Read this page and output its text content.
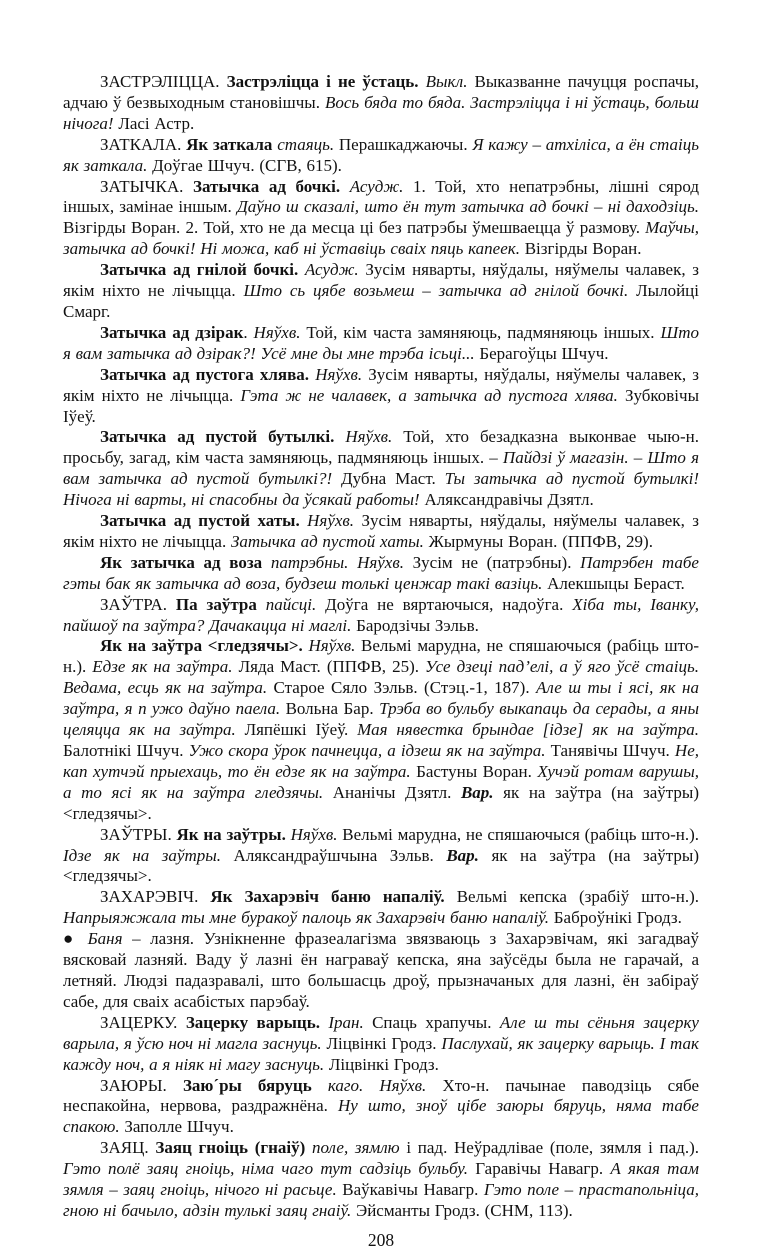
ЗАСТРЭЛІЦЦА. Застрэліцца і не ўстаць. Выкл. Выказванне пачуцця роспачы, адчаю ў безвыходным становішчы. Вось бяда то бяда. Застрэліцца і ні ўстаць, больш нічога! Ласі Астр.

ЗАТКАЛА. Як заткала стаяць. Перашкаджаючы. Я кажу – атхіліса, а ён стаіць як заткала. Доўгае Шчуч. (СГВ, 615).

ЗАТЫЧКА. Затычка ад бочкі. Асудж. 1. Той, хто непатрэбны, лішні сярод іншых, замінае іншым. Даўно ш сказалі, што ён тут затычка ад бочкі – ні даходзіць. Візгірды Воран. 2. Той, хто не да месца ці без патрэбы ўмешваецца ў размову. Маўчы, затычка ад бочкі! Ні можа, каб ні ўставіць сваіх пяць капеек. Візгірды Воран.

Затычка ад гнілой бочкі. Асудж. Зусім няварты, няўдалы, няўмелы чалавек, з якім ніхто не лічыцца. Што сь цябе возьмеш – затычка ад гнілой бочкі. Лылойці Смарг.

Затычка ад дзірак. Няўхв. Той, кім часта замяняюць, падмяняюць іншых. Што я вам затычка ад дзірак?! Усё мне ды мне трэба ісьці... Берагоўцы Шчуч.

Затычка ад пустога хлява. Няўхв. Зусім няварты, няўдалы, няўмелы чалавек, з якім ніхто не лічыцца. Гэта ж не чалавек, а затычка ад пустога хлява. Зубковічы Іўеў.

Затычка ад пустой бутылкі. Няўхв. Той, хто безадказна выконвае чыю-н. просьбу, загад, кім часта замяняюць, падмяняюць іншых. – Пайдзі ў магазін. – Што я вам затычка ад пустой бутылкі?! Дубна Маст. Ты затычка ад пустой бутылкі! Нічога ні варты, ні спасобны да ўсякай работы! Аляксандравічы Дзятл.

Затычка ад пустой хаты. Няўхв. Зусім няварты, няўдалы, няўмелы чалавек, з якім ніхто не лічыцца. Затычка ад пустой хаты. Жырмуны Воран. (ППФВ, 29).

Як затычка ад воза патрэбны. Няўхв. Зусім не (патрэбны). Патрэбен табе гэты бак як затычка ад воза, будзеш толькі ценжар такі вазіць. Алекшыцы Бераст.

ЗАЎТРА. Па заўтра пайсці. Доўга не вяртаючыся, надоўга. Хіба ты, Іванку, пайшоў па заўтра? Дачакацца ні маглі. Бародзічы Зэльв.

Як на заўтра <гледзячы>. Няўхв. Вельмі марудна, не спяшаючыся (рабіць што-н.). Едзе як на заўтра. Ляда Маст. (ППФВ, 25). Усе дзеці пад’елі, а ў яго ўсё стаіць. Ведама, есць як на заўтра. Старое Сяло Зэльв. (Стэц.-1, 187). Але ш ты і ясі, як на заўтра, я п ужо даўно паела. Вольна Бар. Трэба во бульбу выкапаць да серады, а яны целяцца як на заўтра. Ляпёшкі Іўеў. Мая нявестка брындае [ідзе] як на заўтра. Балотнікі Шчуч. Ужо скора ўрок пачнецца, а ідзеш як на заўтра. Танявічы Шчуч. Не, кап хутчэй прыехаць, то ён едзе як на заўтра. Бастуны Воран. Хучэй ротам варушы, а то ясі як на заўтра гледзячы. Ананічы Дзятл. Вар. як на заўтра (на заўтры) <гледзячы>.

ЗАЎТРЫ. Як на заўтры. Няўхв. Вельмі марудна, не спяшаючыся (рабіць што-н.). Ідзе як на заўтры. Аляксандраўшчына Зэльв. Вар. як на заўтра (на заўтры) <гледзячы>.

ЗАХАРЭВІЧ. Як Захарэвіч баню напаліў. Вельмі кепска (зрабіў што-н.). Напрыяжжала ты мне буракоў палоць як Захарэвіч баню напаліў. Баброўнікі Гродз.

● Баня – лазня. Узнікненне фразеалагізма звязваюць з Захарэвічам, які загадваў вясковай лазняй. Ваду ў лазні ён награваў кепска, яна заўсёды была не гарачай, а летняй. Людзі падазравалі, што большасць дроў, прызначаных для лазні, ён забіраў сабе, для сваіх асабістых парэбаў.

ЗАЦЕРКУ. Зацерку варыць. Іран. Спаць храпучы. Але ш ты сёньня зацерку варыла, я ўсю ноч ні магла заснуць. Ліцвінкі Гродз. Паслухай, як зацерку варыць. І так кажду ноч, а я ніяк ні магу заснуць. Ліцвінкі Гродз.

ЗАЮРЫ. Заю´ры бяруць каго. Няўхв. Хто-н. пачынае паводзіць сябе неспакойна, нервова, раздражнёна. Ну што, зноў цібе заюры бяруць, няма табе спакою. Заполле Шчуч.

ЗАЯЦ. Заяц гноіць (гнаіў) поле, зямлю і пад. Неўрадлівае (поле, зямля і пад.). Гэто полё заяц гноіць, німа чаго тут садзіць бульбу. Гаравічы Навагр. А якая там зямля – заяц гноіць, нічого ні расьце. Ваўкавічы Навагр. Гэто поле – прастапольніца, гною ні бачыло, адзін тулькі заяц гнаіў. Эйсманты Гродз. (СНМ, 113).

208
